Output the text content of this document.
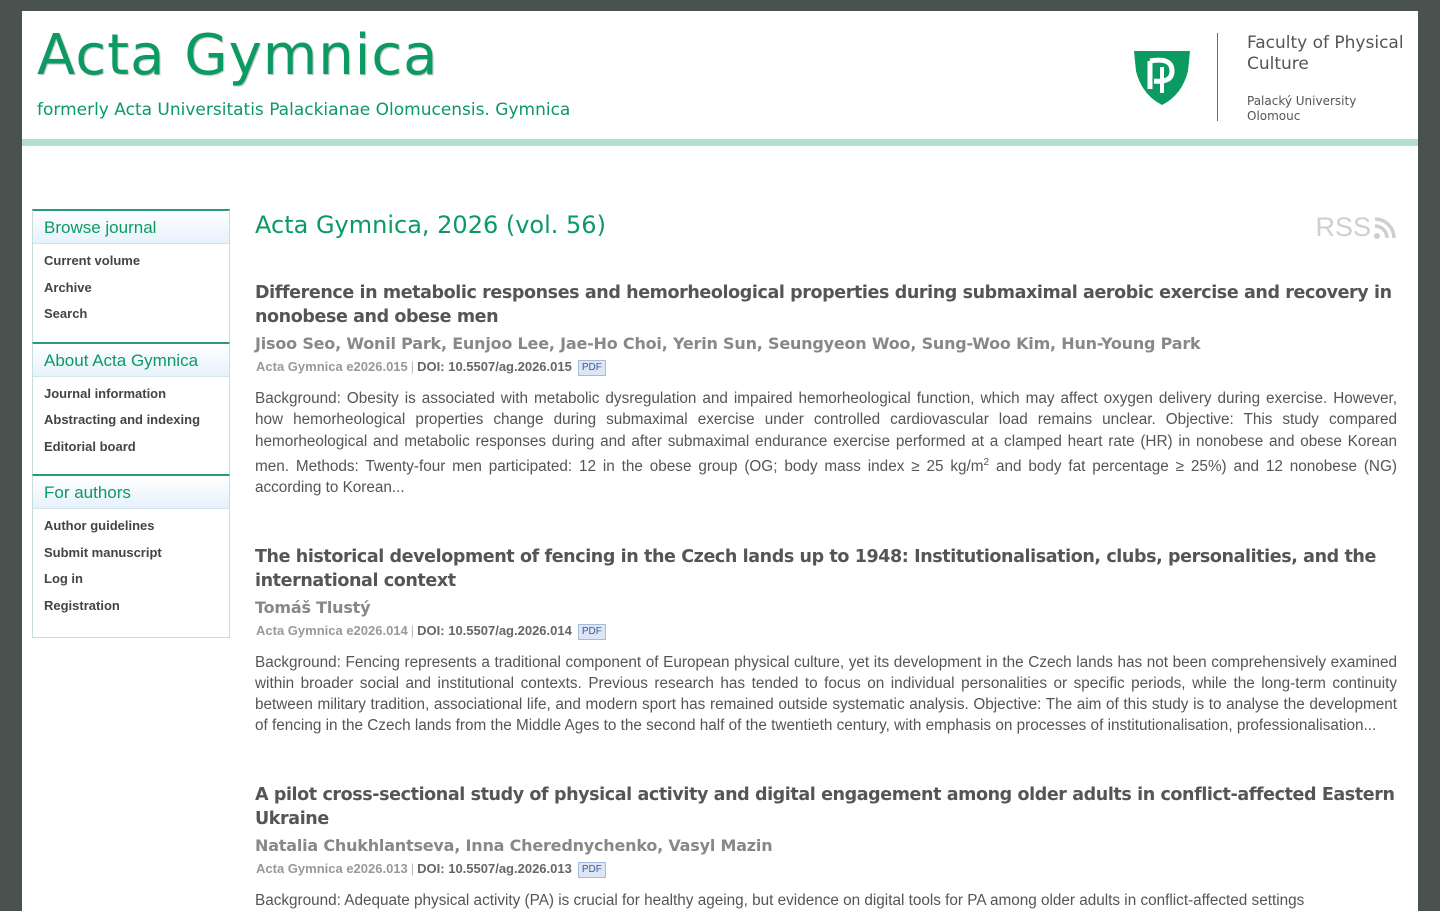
Acta Gymnica
formerly Acta Universitatis Palackianae Olomucensis. Gymnica
Faculty of Physical Culture
Palacký University Olomouc
Browse journal
Current volume
Archive
Search
About Acta Gymnica
Journal information
Abstracting and indexing
Editorial board
For authors
Author guidelines
Submit manuscript
Log in
Registration
Acta Gymnica, 2026 (vol. 56)	RSS
Difference in metabolic responses and hemorheological properties during submaximal aerobic exercise and recovery in nonobese and obese men
Jisoo Seo, Wonil Park, Eunjoo Lee, Jae-Ho Choi, Yerin Sun, Seungyeon Woo, Sung-Woo Kim, Hun-Young Park
Acta Gymnica e2026.015 | DOI: 10.5507/ag.2026.015 PDF
Background: Obesity is associated with metabolic dysregulation and impaired hemorheological function, which may affect oxygen delivery during exercise. However, how hemorheological properties change during submaximal exercise under controlled cardiovascular load remains unclear. Objective: This study compared hemorheological and metabolic responses during and after submaximal endurance exercise performed at a clamped heart rate (HR) in nonobese and obese Korean men. Methods: Twenty-four men participated: 12 in the obese group (OG; body mass index ≥ 25 $kg/m^2$ and body fat percentage ≥ 25%) and 12 nonobese (NG) according to Korean...
The historical development of fencing in the Czech lands up to 1948: Institutionalisation, clubs, personalities, and the international context
Tomáš Tlustý
Acta Gymnica e2026.014 | DOI: 10.5507/ag.2026.014 PDF
Background: Fencing represents a traditional component of European physical culture, yet its development in the Czech lands has not been comprehensively examined within broader social and institutional contexts. Previous research has tended to focus on individual personalities or specific periods, while the long-term continuity between military tradition, associational life, and modern sport has remained outside systematic analysis. Objective: The aim of this study is to analyse the development of fencing in the Czech lands from the Middle Ages to the second half of the twentieth century, with emphasis on processes of institutionalisation, professionalisation...
A pilot cross-sectional study of physical activity and digital engagement among older adults in conflict-affected Eastern Ukraine
Natalia Chukhlantseva, Inna Cherednychenko, Vasyl Mazin
Acta Gymnica e2026.013 | DOI: 10.5507/ag.2026.013 PDF
Background: Adequate physical activity (PA) is crucial for healthy ageing, but evidence on digital tools for PA among older adults in conflict-affected settings
